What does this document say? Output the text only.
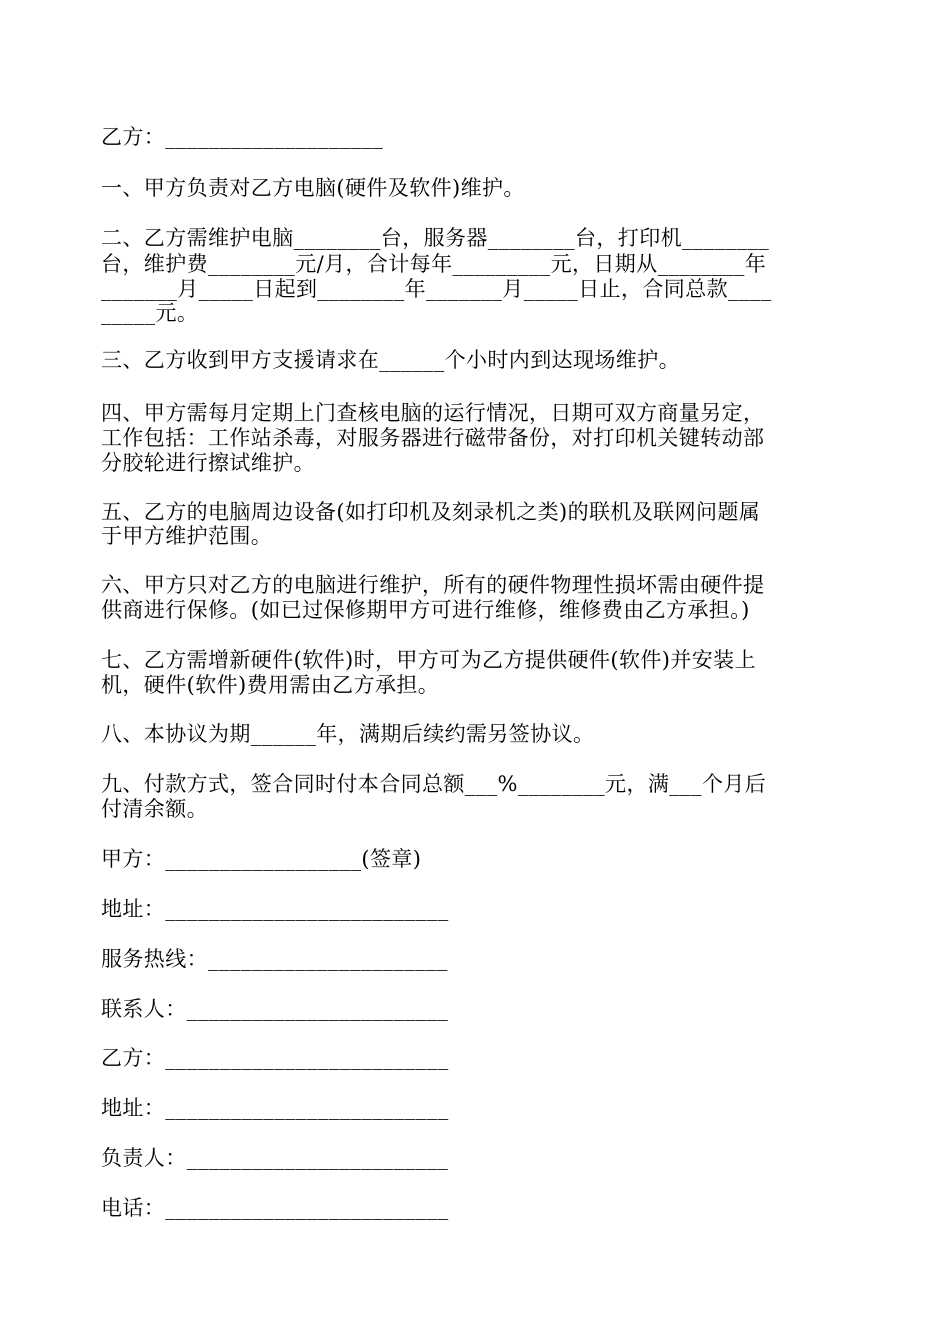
乙方：____________________
一、甲方负责对乙方电脑(硬件及软件)维护。
二、乙方需维护电脑________台，服务器________台，打印机________
台，维护费________元/月，合计每年_________元，日期从________年
_______月_____日起到________年_______月_____日止，合同总款____
_____元。
三、乙方收到甲方支援请求在______个小时内到达现场维护。
四、甲方需每月定期上门查核电脑的运行情况，日期可双方商量另定，
工作包括：工作站杀毒，对服务器进行磁带备份，对打印机关键转动部
分胶轮进行擦试维护。
五、乙方的电脑周边设备(如打印机及刻录机之类)的联机及联网问题属
于甲方维护范围。
六、甲方只对乙方的电脑进行维护，所有的硬件物理性损坏需由硬件提
供商进行保修。(如已过保修期甲方可进行维修，维修费由乙方承担。)
七、乙方需增新硬件(软件)时，甲方可为乙方提供硬件(软件)并安装上
机，硬件(软件)费用需由乙方承担。
八、本协议为期______年，满期后续约需另签协议。
九、付款方式，签合同时付本合同总额___%________元，满___个月后
付清余额。
甲方：__________________(签章)
地址：__________________________
服务热线：______________________
联系人：________________________
乙方：__________________________
地址：__________________________
负责人：________________________
电话：__________________________
